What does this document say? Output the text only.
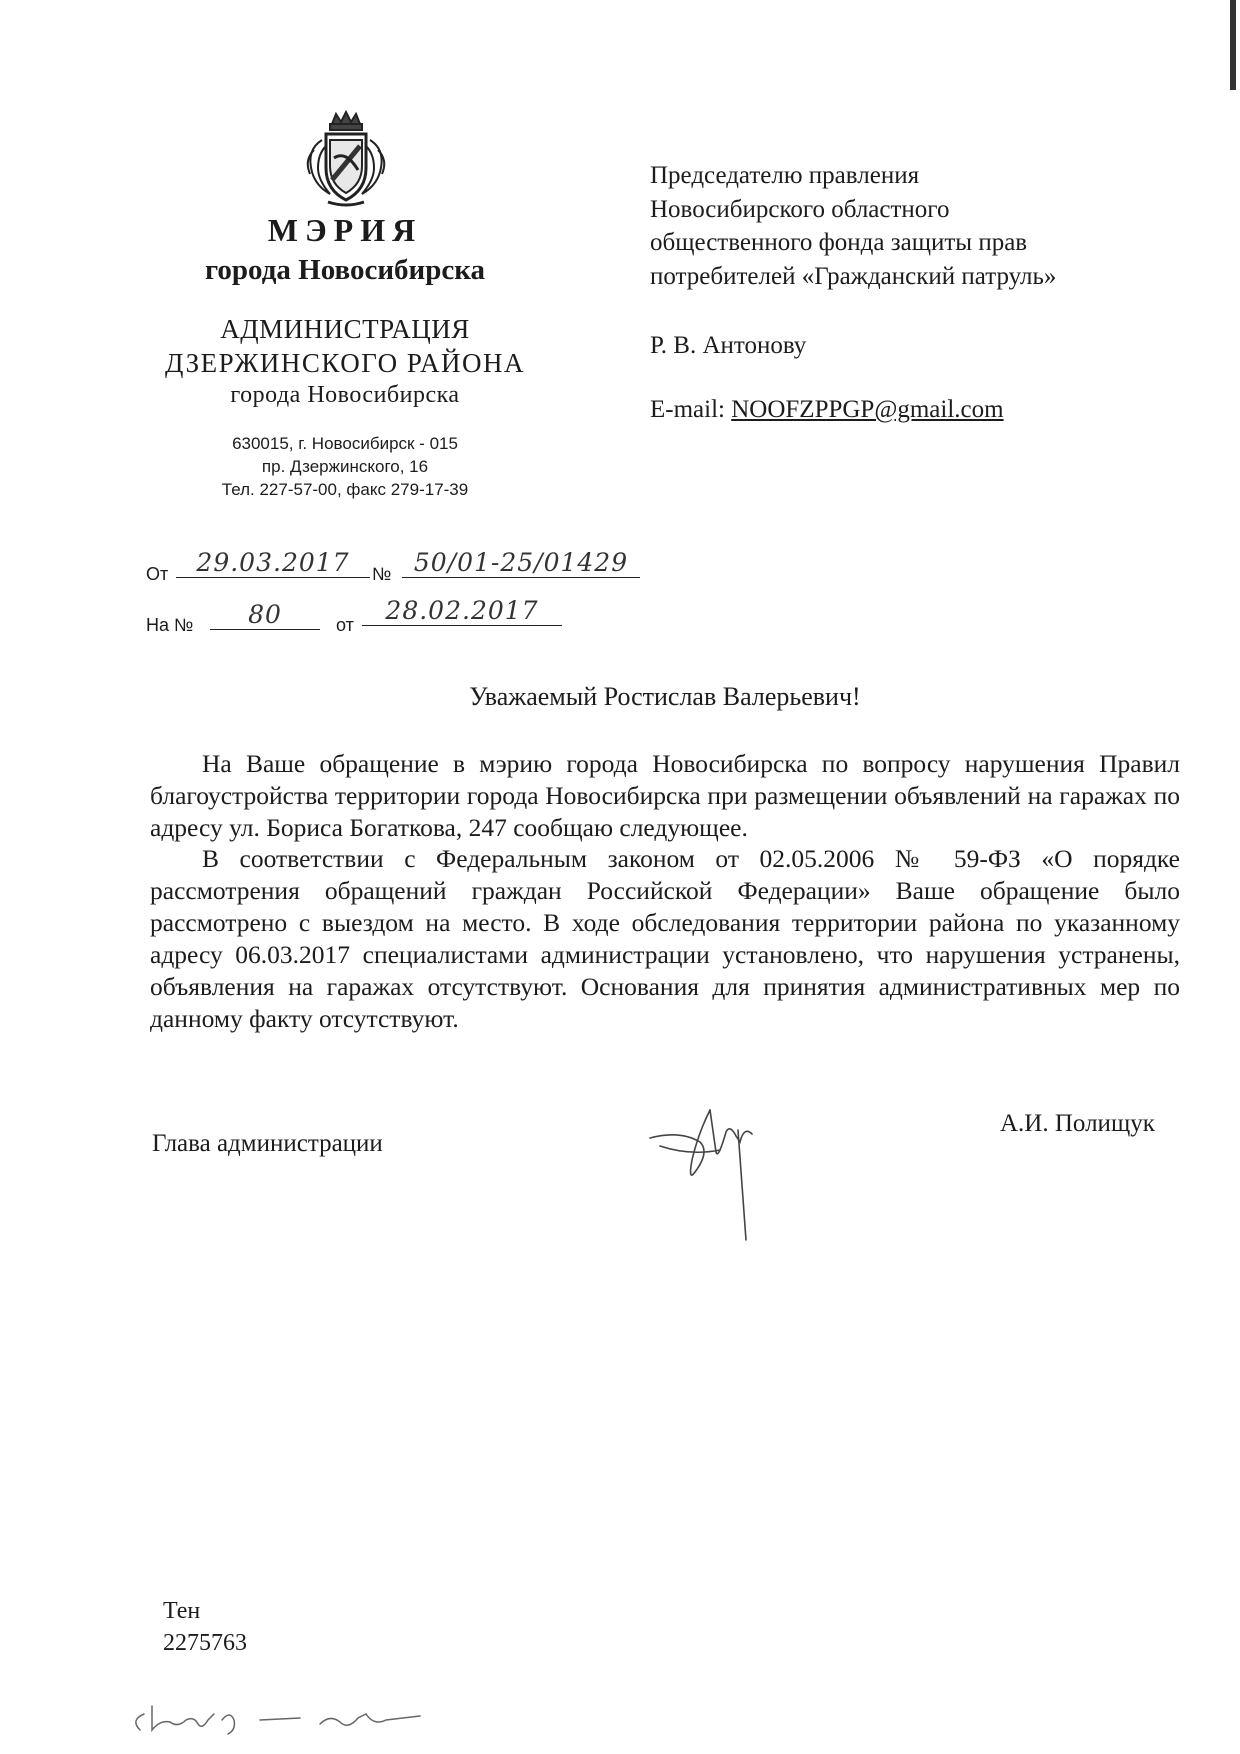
МЭРИЯ
города Новосибирска
АДМИНИСТРАЦИЯ
ДЗЕРЖИНСКОГО РАЙОНА
города Новосибирска
630015, г. Новосибирск - 015
пр. Дзержинского, 16
Тел. 227-57-00, факс 279-17-39
От	29.03.2017	№ 50/01-25/01429
На №	80	от	28.02.2017
Председателю правления
Новосибирского областного
общественного фонда защиты прав
потребителей «Гражданский патруль»
Р. В. Антонову
E-mail: NOOFZPPGP@gmail.com
Уважаемый Ростислав Валерьевич!

На Ваше обращение в мэрию города Новосибирска по вопросу нарушения Правил благоустройства территории города Новосибирска при размещении объявлений на гаражах по адресу ул. Бориса Богаткова, 247 сообщаю следующее.

В соответствии с Федеральным законом от 02.05.2006 № 59-ФЗ «О порядке рассмотрения обращений граждан Российской Федерации» Ваше обращение было рассмотрено с выездом на место. В ходе обследования территории района по указанному адресу 06.03.2017 специалистами администрации установлено, что нарушения устранены, объявления на гаражах отсутствуют. Основания для принятия административных мер по данному факту отсутствуют.

Глава администрации
А.И. Полищук
Тен
2275763
